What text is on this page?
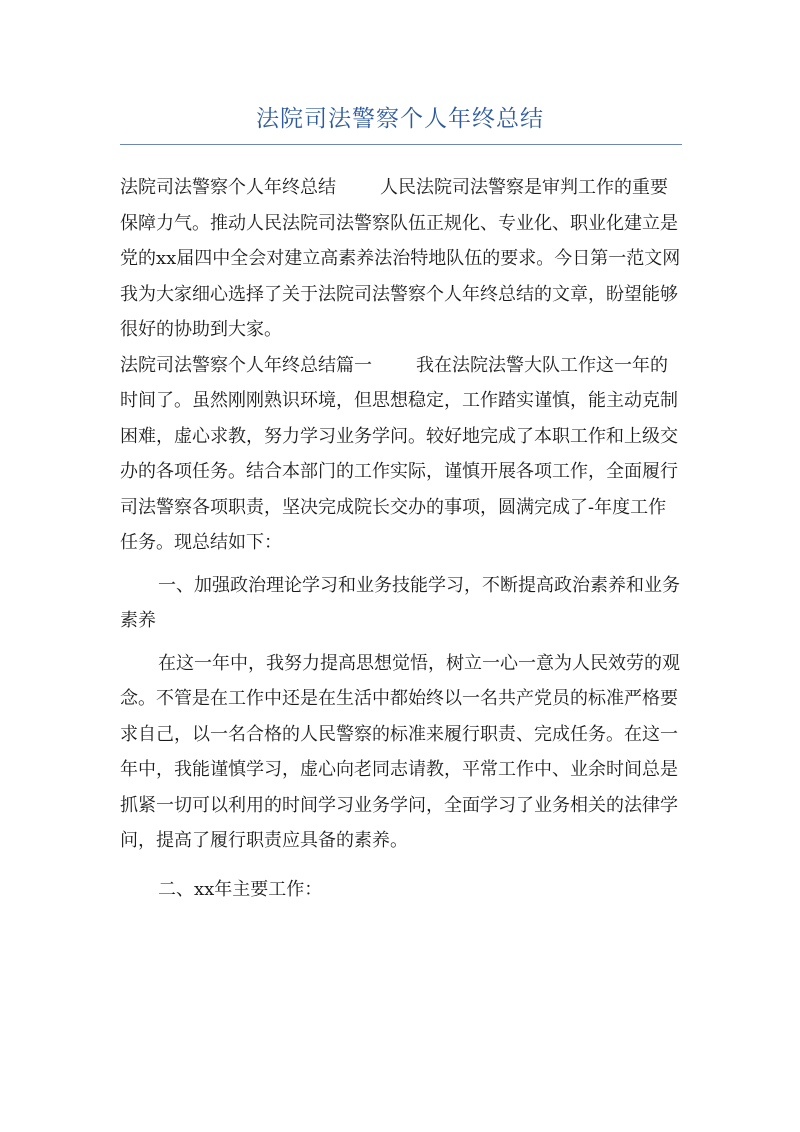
法院司法警察个人年终总结

法院司法警察个人年终总结 人民法院司法警察是审判工作的重要保障力气。推动人民法院司法警察队伍正规化、专业化、职业化建立是党的xx届四中全会对建立高素养法治特地队伍的要求。今日第一范文网我为大家细心选择了关于法院司法警察个人年终总结的文章，盼望能够很好的协助到大家。

法院司法警察个人年终总结篇一 我在法院法警大队工作这一年的时间了。虽然刚刚熟识环境，但思想稳定，工作踏实谨慎，能主动克制困难，虚心求教，努力学习业务学问。较好地完成了本职工作和上级交办的各项任务。结合本部门的工作实际，谨慎开展各项工作，全面履行司法警察各项职责，坚决完成院长交办的事项，圆满完成了-年度工作任务。现总结如下：

一、加强政治理论学习和业务技能学习，不断提高政治素养和业务素养

在这一年中，我努力提高思想觉悟，树立一心一意为人民效劳的观念。不管是在工作中还是在生活中都始终以一名共产党员的标准严格要求自己，以一名合格的人民警察的标准来履行职责、完成任务。在这一年中，我能谨慎学习，虚心向老同志请教，平常工作中、业余时间总是抓紧一切可以利用的时间学习业务学问，全面学习了业务相关的法律学问，提高了履行职责应具备的素养。

二、xx年主要工作：
